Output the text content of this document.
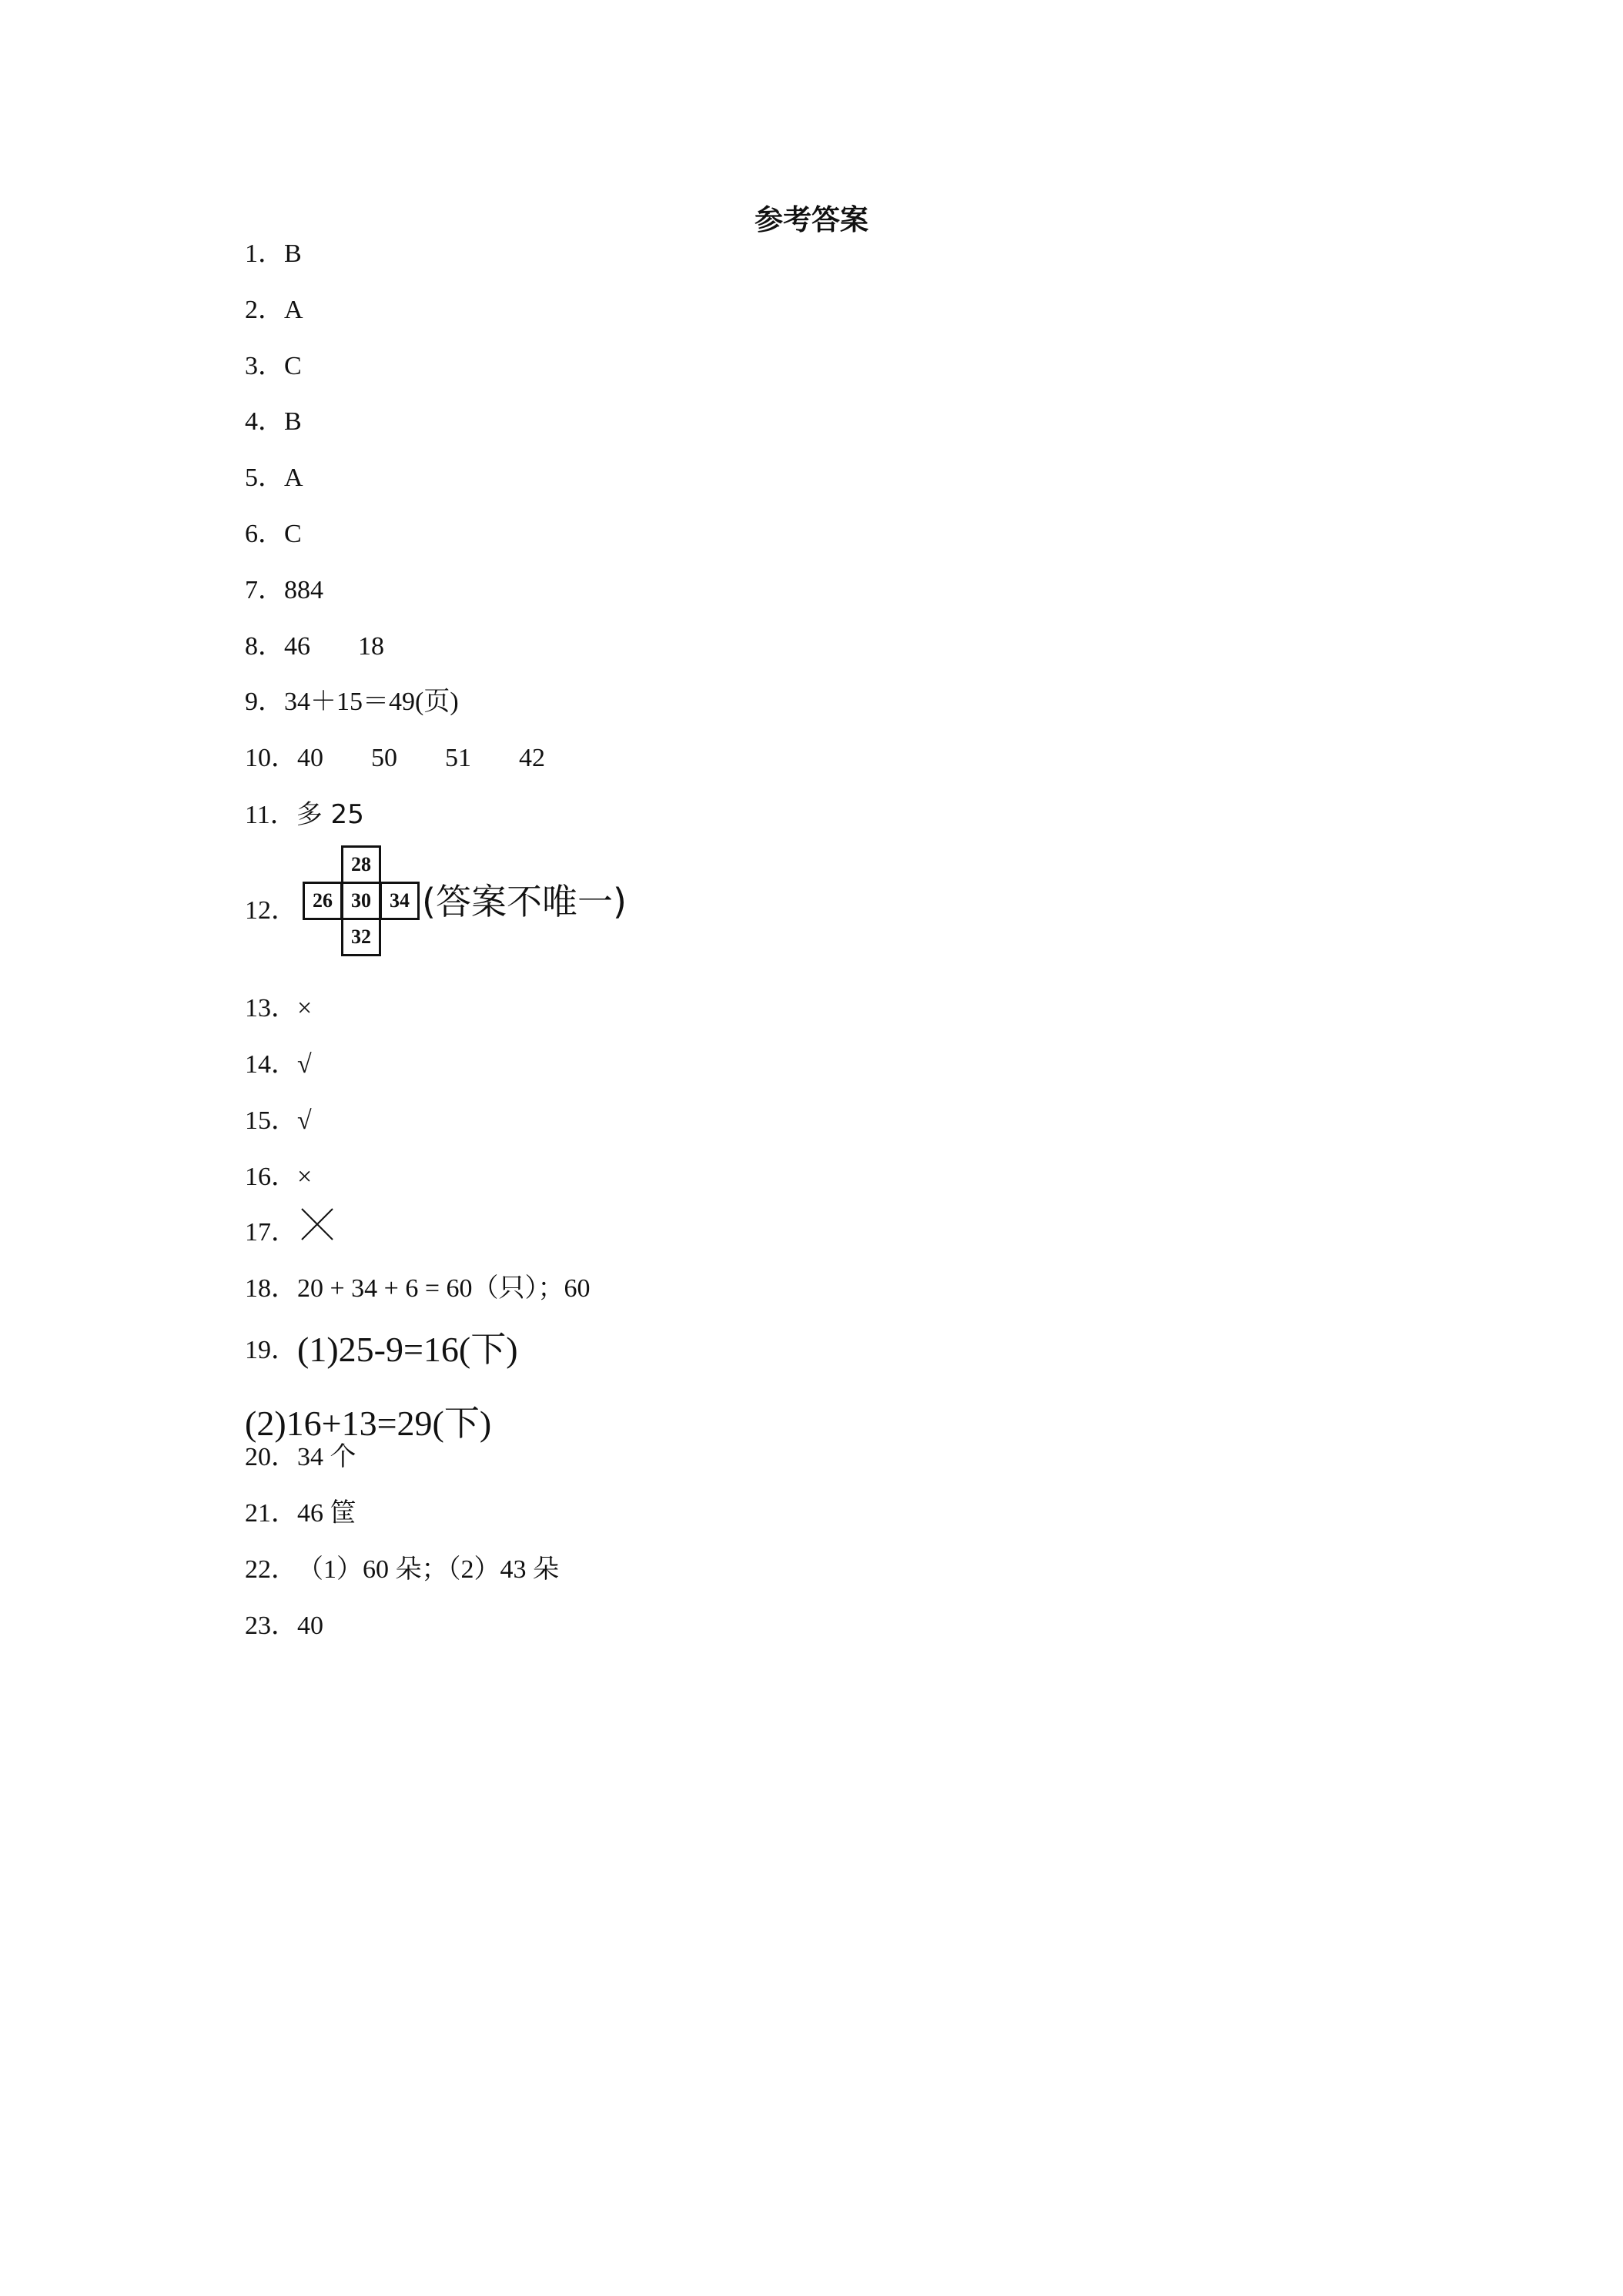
参考答案
1．B
2．A
3．C
4．B
5．A
6．C
7．884
8．46 18
9．34＋15＝49(页)
10．40 50 51 42
11．多 25
12．
28
26 30 34
32
(答案不唯一)
13．×
14．√
15．√
16．×
17．
18．20 + 34 + 6 = 60（只）；60
19．(1)25-9=16(下)
(2)16+13=29(下)
20．34 个
21．46 筐
22．（1）60 朵；（2）43 朵
23．40
